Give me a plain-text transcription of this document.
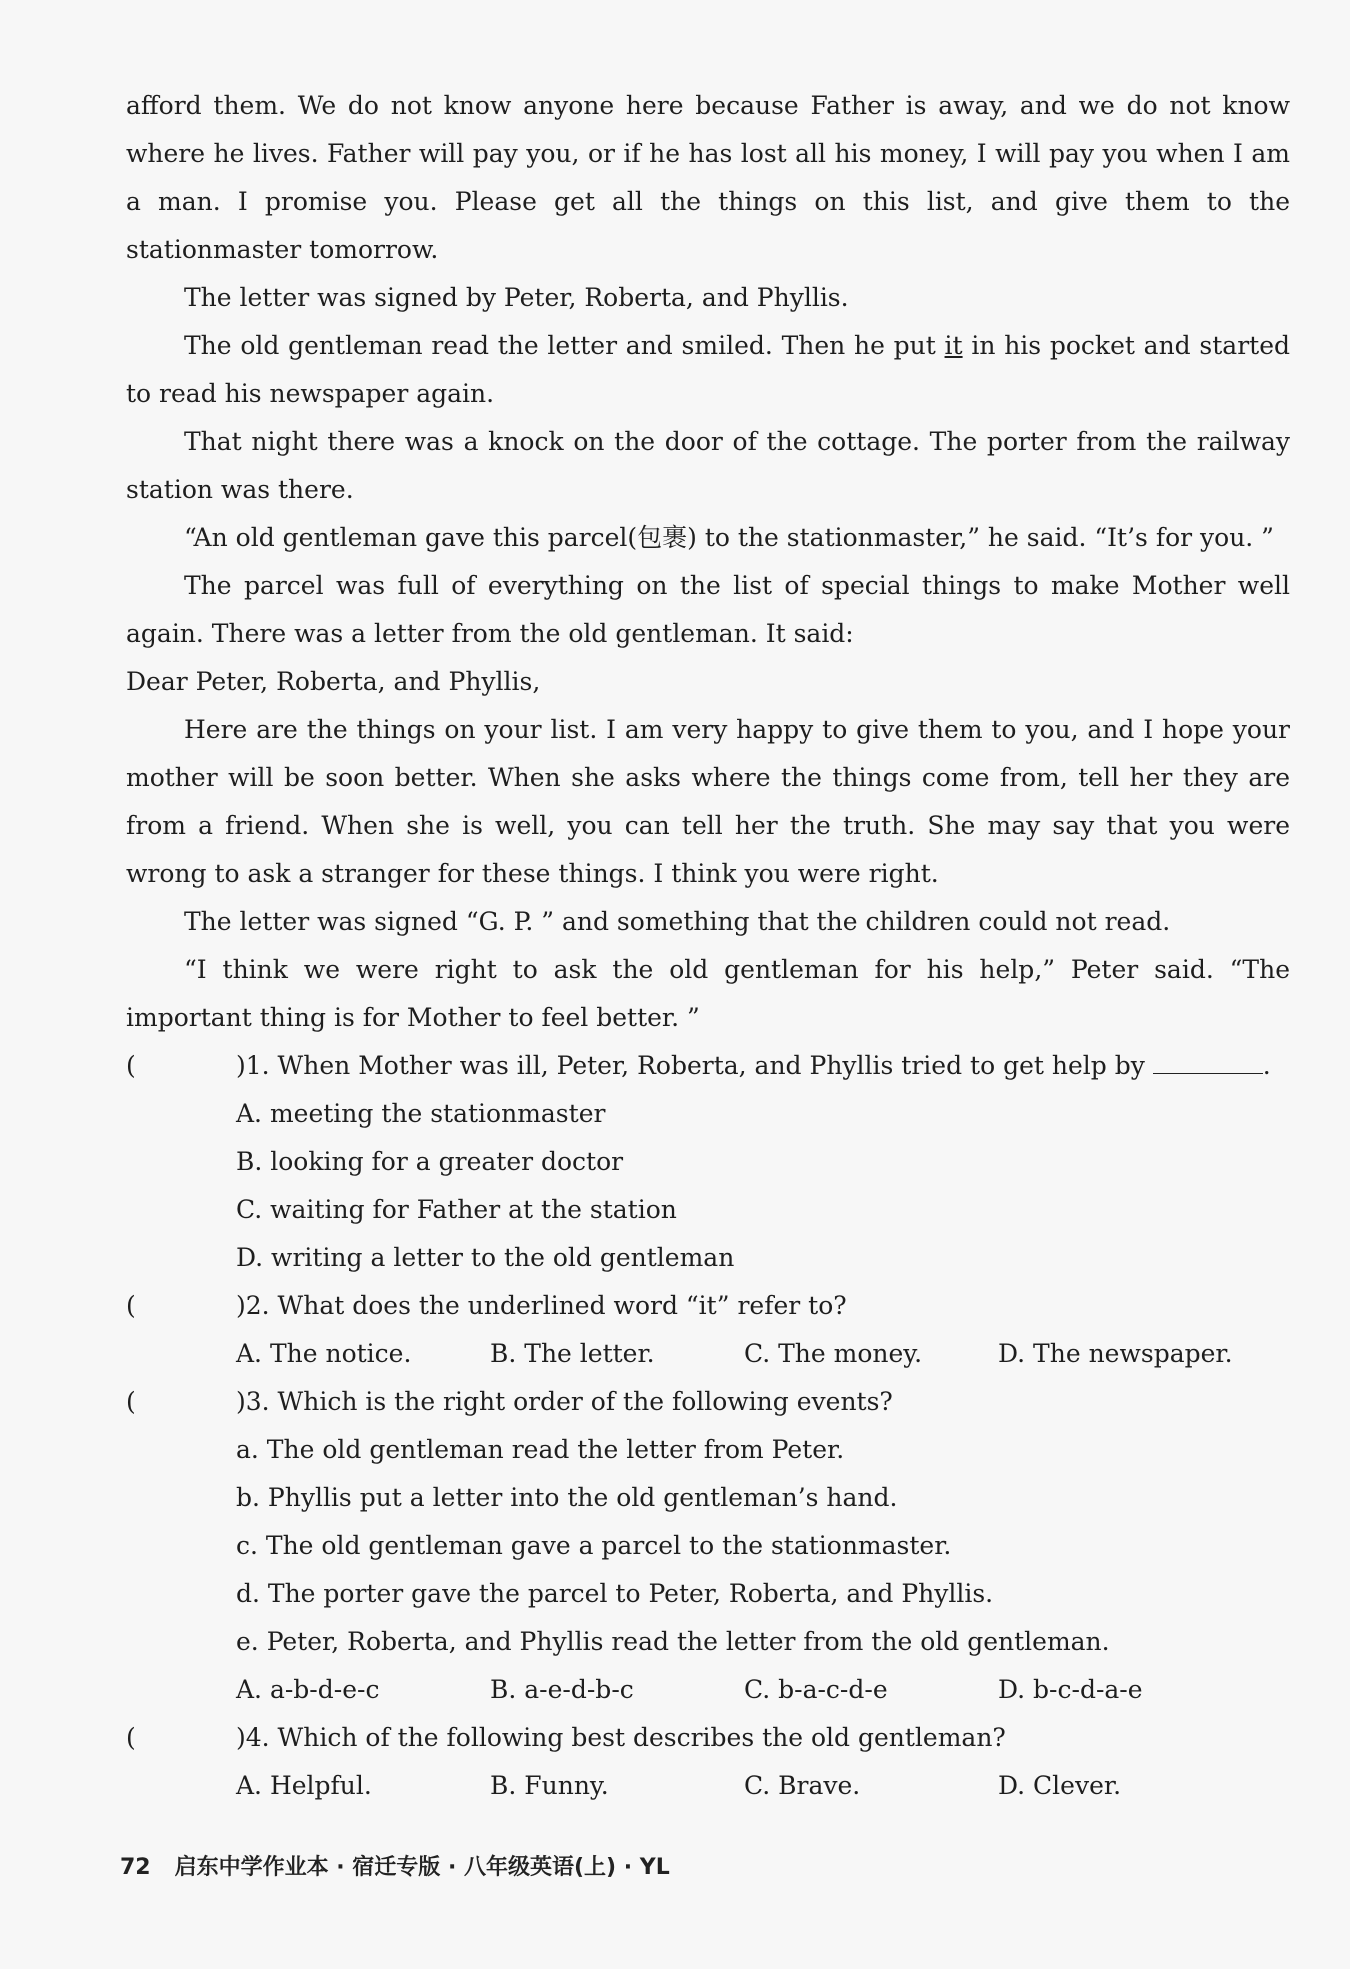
afford them. We do not know anyone here because Father is away, and we do not know where he lives. Father will pay you, or if he has lost all his money, I will pay you when I am a man. I promise you. Please get all the things on this list, and give them to the stationmaster tomorrow.

The letter was signed by Peter, Roberta, and Phyllis.

The old gentleman read the letter and smiled. Then he put it in his pocket and started to read his newspaper again.

That night there was a knock on the door of the cottage. The porter from the railway station was there.

“An old gentleman gave this parcel(包裹) to the stationmaster,” he said. “It’s for you. ”

The parcel was full of everything on the list of special things to make Mother well again. There was a letter from the old gentleman. It said:

Dear Peter, Roberta, and Phyllis,

Here are the things on your list. I am very happy to give them to you, and I hope your mother will be soon better. When she asks where the things come from, tell her they are from a friend. When she is well, you can tell her the truth. She may say that you were wrong to ask a stranger for these things. I think you were right.

The letter was signed “G. P. ” and something that the children could not read.

“I think we were right to ask the old gentleman for his help,” Peter said. “The important thing is for Mother to feel better. ”

(	)1. When Mother was ill, Peter, Roberta, and Phyllis tried to get help by	.

A. meeting the stationmaster

B. looking for a greater doctor

C. waiting for Father at the station

D. writing a letter to the old gentleman

(	)2. What does the underlined word “it” refer to?

A. The notice.	B. The letter.	C. The money.	D. The newspaper.

(	)3. Which is the right order of the following events?

a. The old gentleman read the letter from Peter.

b. Phyllis put a letter into the old gentleman’s hand.

c. The old gentleman gave a parcel to the stationmaster.

d. The porter gave the parcel to Peter, Roberta, and Phyllis.

e. Peter, Roberta, and Phyllis read the letter from the old gentleman.

A. a-b-d-e-c	B. a-e-d-b-c	C. b-a-c-d-e	D. b-c-d-a-e

(	)4. Which of the following best describes the old gentleman?

A. Helpful.	B. Funny.	C. Brave.	D. Clever.
72 启东中学作业本 · 宿迁专版 · 八年级英语(上) · YL
